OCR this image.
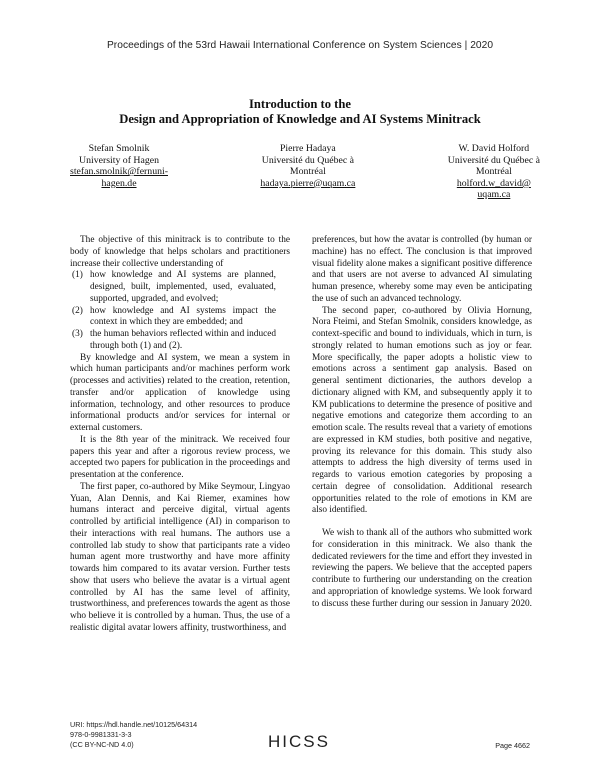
Proceedings of the 53rd Hawaii International Conference on System Sciences | 2020
Introduction to the
Design and Appropriation of Knowledge and AI Systems Minitrack
Stefan Smolnik
University of Hagen
stefan.smolnik@fernuni-
hagen.de
Pierre Hadaya
Université du Québec à
Montréal
hadaya.pierre@uqam.ca
W. David Holford
Université du Québec à
Montréal
holford.w_david@
uqam.ca

The objective of this minitrack is to contribute to the body of knowledge that helps scholars and practitioners increase their collective understanding of

(1) how knowledge and AI systems are planned, designed, built, implemented, used, evaluated, supported, upgraded, and evolved;
(2) how knowledge and AI systems impact the context in which they are embedded; and
(3) the human behaviors reflected within and induced through both (1) and (2).

By knowledge and AI system, we mean a system in which human participants and/or machines perform work (processes and activities) related to the creation, retention, transfer and/or application of knowledge using information, technology, and other resources to produce informational products and/or services for internal or external customers.

It is the 8th year of the minitrack. We received four papers this year and after a rigorous review process, we accepted two papers for publication in the proceedings and presentation at the conference.

The first paper, co-authored by Mike Seymour, Lingyao Yuan, Alan Dennis, and Kai Riemer, examines how humans interact and perceive digital, virtual agents controlled by artificial intelligence (AI) in comparison to their interactions with real humans. The authors use a controlled lab study to show that participants rate a video human agent more trustworthy and have more affinity towards him compared to its avatar version. Further tests show that users who believe the avatar is a virtual agent controlled by AI has the same level of affinity, trustworthiness, and preferences towards the agent as those who believe it is controlled by a human. Thus, the use of a realistic digital avatar lowers affinity, trustworthiness, and

preferences, but how the avatar is controlled (by human or machine) has no effect. The conclusion is that improved visual fidelity alone makes a significant positive difference and that users are not averse to advanced AI simulating human presence, whereby some may even be anticipating the use of such an advanced technology.

The second paper, co-authored by Olivia Hornung, Nora Fteimi, and Stefan Smolnik, considers knowledge, as context-specific and bound to individuals, which in turn, is strongly related to human emotions such as joy or fear. More specifically, the paper adopts a holistic view to emotions across a sentiment gap analysis. Based on general sentiment dictionaries, the authors develop a dictionary aligned with KM, and subsequently apply it to KM publications to determine the presence of positive and negative emotions and categorize them according to an emotion scale. The results reveal that a variety of emotions are expressed in KM studies, both positive and negative, proving its relevance for this domain. This study also attempts to address the high diversity of terms used in regards to various emotion categories by proposing a certain degree of consolidation. Additional research opportunities related to the role of emotions in KM are also identified.

We wish to thank all of the authors who submitted work for consideration in this minitrack. We also thank the dedicated reviewers for the time and effort they invested in reviewing the papers. We believe that the accepted papers contribute to furthering our understanding on the creation and appropriation of knowledge systems. We look forward to discuss these further during our session in January 2020.

URI: https://hdl.handle.net/10125/64314
978-0-9981331-3-3
(CC BY-NC-ND 4.0)	HICSS	Page 4662
